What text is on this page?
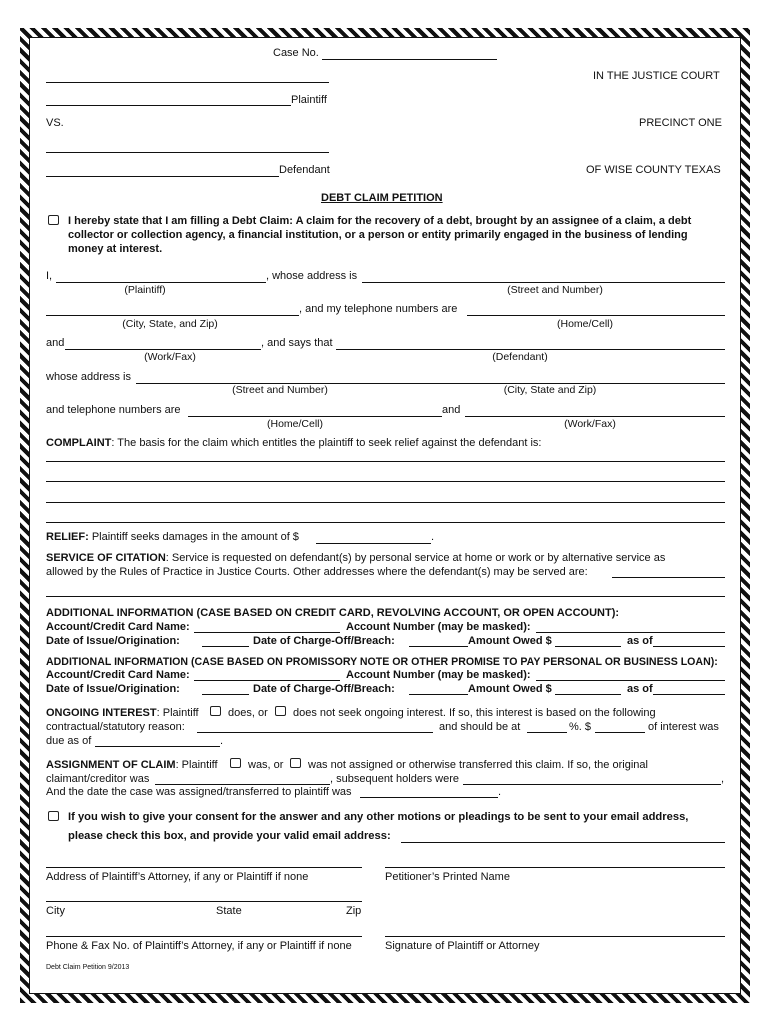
Case No.
IN THE JUSTICE COURT
Plaintiff
VS.	PRECINCT ONE
Defendant	OF WISE COUNTY TEXAS
DEBT CLAIM PETITION
I hereby state that I am filling a Debt Claim: A claim for the recovery of a debt, brought by an assignee of a claim, a debt
collector or collection agency, a financial institution, or a person or entity primarily engaged in the business of lending
money at interest.
I,	, whose address is
(Plaintiff)	(Street and Number)
, and my telephone numbers are
(City, State, and Zip)	(Home/Cell)
and	, and says that
(Work/Fax)	(Defendant)
whose address is
(Street and Number)	(City, State and Zip)
and telephone numbers are	and
(Home/Cell)	(Work/Fax)
COMPLAINT: The basis for the claim which entitles the plaintiff to seek relief against the defendant is:
RELIEF: Plaintiff seeks damages in the amount of $	.
SERVICE OF CITATION: Service is requested on defendant(s) by personal service at home or work or by alternative service as
allowed by the Rules of Practice in Justice Courts. Other addresses where the defendant(s) may be served are:
ADDITIONAL INFORMATION (CASE BASED ON CREDIT CARD, REVOLVING ACCOUNT, OR OPEN ACCOUNT):
Account/Credit Card Name:	Account Number (may be masked):
Date of Issue/Origination:	Date of Charge-Off/Breach:	Amount Owed $	as of
ADDITIONAL INFORMATION (CASE BASED ON PROMISSORY NOTE OR OTHER PROMISE TO PAY PERSONAL OR BUSINESS LOAN):
Account/Credit Card Name:	Account Number (may be masked):
Date of Issue/Origination:	Date of Charge-Off/Breach:	Amount Owed $	as of
ONGOING INTEREST: Plaintiff	does, or does not seek ongoing interest. If so, this interest is based on the following
contractual/statutory reason:	and should be at	%. $	of interest was
due as of	.
ASSIGNMENT OF CLAIM: Plaintiff	was, or was not assigned or otherwise transferred this claim. If so, the original
claimant/creditor was	, subsequent holders were	,
And the date the case was assigned/transferred to plaintiff was	.
If you wish to give your consent for the answer and any other motions or pleadings to be sent to your email address,
please check this box, and provide your valid email address:
Address of Plaintiff’s Attorney, if any or Plaintiff if none	Petitioner’s Printed Name
City	State	Zip
Phone & Fax No. of Plaintiff’s Attorney, if any or Plaintiff if none	Signature of Plaintiff or Attorney
Debt Claim Petition 9/2013
